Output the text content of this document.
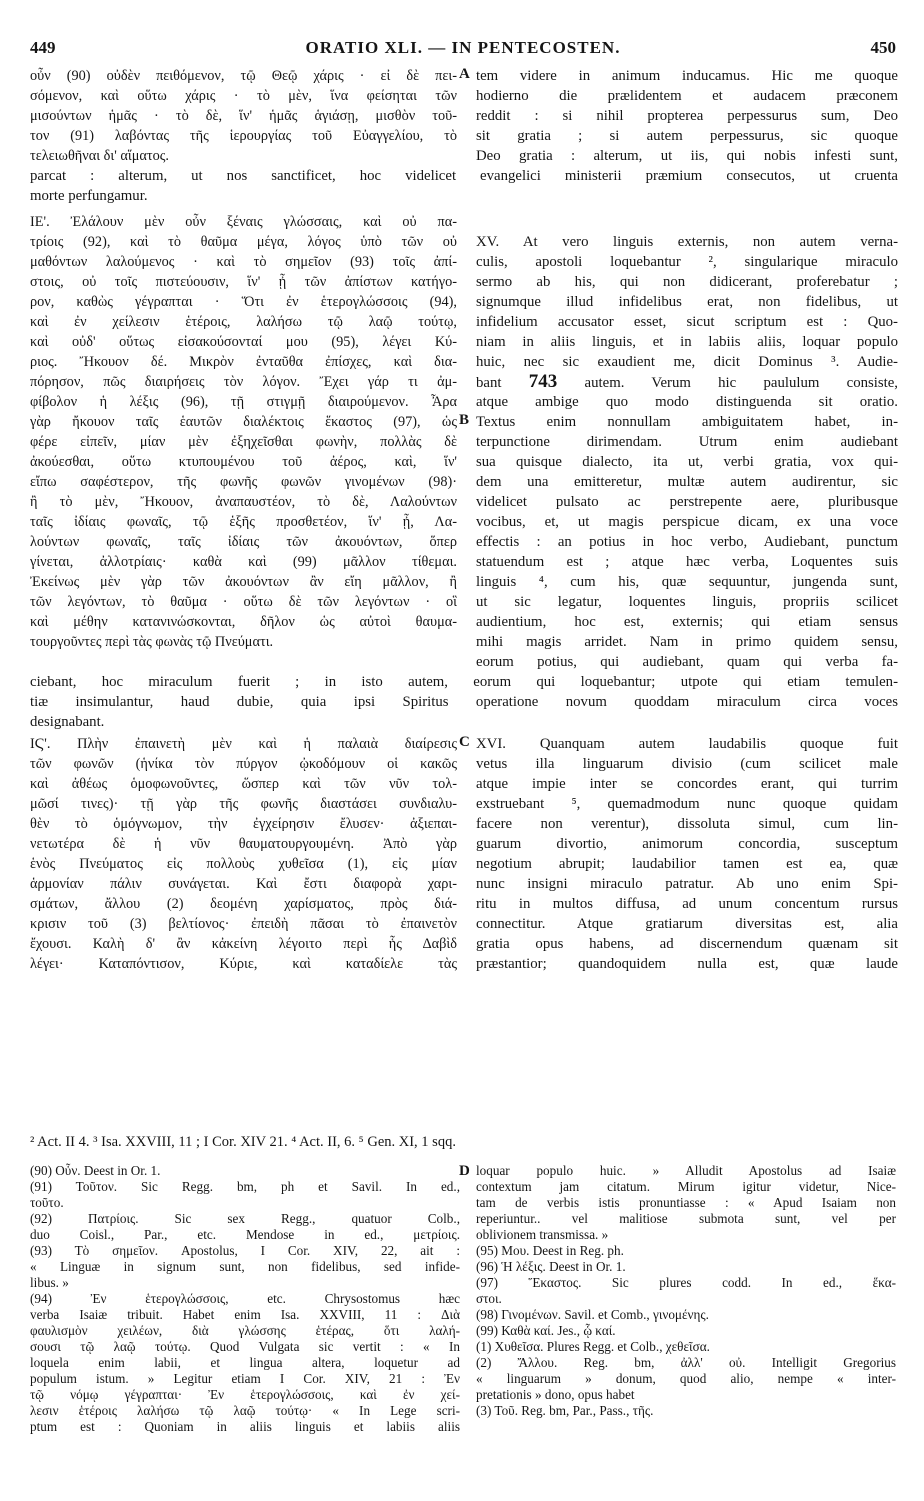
449	ORATIO XLI. — IN PENTECOSTEN.	450
οὖν (90) οὐδὲν πειθόμενον, τῷ Θεῷ χάρις · εἰ δὲ πει-
σόμενον, καὶ οὕτω χάρις · τὸ μὲν, ἵνα φείσηται τῶν
μισούντων ἡμᾶς · τὸ δὲ, ἵν' ἡμᾶς ἁγιάσῃ, μισθὸν τοῦ-
τον (91) λαβόντας τῆς ἱερουργίας τοῦ Εὐαγγελίου, τὸ
τελειωθῆναι δι' αἵματος.
A tem videre in animum inducamus. Hic me quoque
hodierno die prælidentem et audacem præconem
reddit : si nihil propterea perpessurus sum, Deo
sit gratia ; si autem perpessurus, sic quoque
Deo gratia : alterum, ut iis, qui nobis infesti sunt,
parcat : alterum, ut nos sanctificet, hoc videlicet evangelici ministerii præmium consecutos, ut cruenta
morte perfungamur.
ΙΕ'. Ἐλάλουν μὲν οὖν ξέναις γλώσσαις, καὶ οὐ πα-
τρίοις (92), καὶ τὸ θαῦμα μέγα, λόγος ὑπὸ τῶν οὐ
μαθόντων λαλούμενος · καὶ τὸ σημεῖον (93) τοῖς ἀπί-
στοις, οὐ τοῖς πιστεύουσιν, ἵν' ᾖ τῶν ἀπίστων κατήγο-
ρον, καθὼς γέγραπται · Ὅτι ἐν ἑτερογλώσσοις (94),
καὶ ἐν χείλεσιν ἑτέροις, λαλήσω τῷ λαῷ τούτῳ,
καὶ οὐδ' οὕτως εἰσακούσονταί μου (95), λέγει Κύ-
ριος. Ἤκουον δέ. Μικρὸν ἐνταῦθα ἐπίσχες, καὶ δια-
πόρησον, πῶς διαιρήσεις τὸν λόγον. Ἔχει γάρ τι ἀμ-
φίβολον ἡ λέξις (96), τῇ στιγμῇ διαιρούμενον. Ἆρα
γὰρ ἤκουον ταῖς ἑαυτῶν διαλέκτοις ἕκαστος (97), ὡς
φέρε εἰπεῖν, μίαν μὲν ἐξηχεῖσθαι φωνὴν, πολλὰς δὲ
ἀκούεσθαι, οὕτω κτυπουμένου τοῦ ἀέρος, καὶ, ἵν'
εἴπω σαφέστερον, τῆς φωνῆς φωνῶν γινομένων (98)·
ἢ τὸ μὲν, Ἤκουον, ἀναπαυστέον, τὸ δὲ, Λαλούντων
ταῖς ἰδίαις φωναῖς, τῷ ἑξῆς προσθετέον, ἵν' ᾖ, Λα-
λούντων φωναῖς, ταῖς ἰδίαις τῶν ἀκουόντων, ὅπερ
γίνεται, ἀλλοτρίαις· καθὰ καὶ (99) μᾶλλον τίθεμαι.
Ἐκείνως μὲν γὰρ τῶν ἀκουόντων ἂν εἴη μᾶλλον, ἢ
τῶν λεγόντων, τὸ θαῦμα · οὕτω δὲ τῶν λεγόντων · οἳ
καὶ μέθην κατανινώσκονται, δῆλον ὡς αὐτοὶ θαυμα-
τουργοῦντες περὶ τὰς φωνὰς τῷ Πνεύματι.
B
XV. At vero linguis externis, non autem verna-
culis, apostoli loquebantur ², singularique miraculo
sermo ab his, qui non didicerant, proferebatur ;
signumque illud infidelibus erat, non fidelibus, ut
infidelium accusator esset, sicut scriptum est : Quo-
niam in aliis linguis, et in labiis aliis, loquar populo
huic, nec sic exaudient me, dicit Dominus ³. Audie-
bant 743 autem. Verum hic paululum consiste,
atque ambige quo modo distinguenda sit oratio.
Textus enim nonnullam ambiguitatem habet, in-
terpunctione dirimendam. Utrum enim audiebant
sua quisque dialecto, ita ut, verbi gratia, vox qui-
dem una emitteretur, multæ autem audirentur, sic
videlicet pulsato ac perstrepente aere, pluribusque
vocibus, et, ut magis perspicue dicam, ex una voce
effectis : an potius in hoc verbo, Audiebant, punctum
statuendum est ; atque hæc verba, Loquentes suis
linguis ⁴, cum his, quæ sequuntur, jungenda sunt,
ut sic legatur, loquentes linguis, propriis scilicet
audientium, hoc est, externis; qui etiam sensus
mihi magis arridet. Nam in primo quidem sensu,
eorum potius, qui audiebant, quam qui verba fa-
ciebant, hoc miraculum fuerit ; in isto autem, eorum qui loquebantur; utpote qui etiam temulen-
tiæ insimulantur, haud dubie, quia ipsi Spiritus operatione novum quoddam miraculum circa voces
designabant.
ΙϚ'. Πλὴν ἐπαινετὴ μὲν καὶ ἡ παλαιὰ διαίρεσις
τῶν φωνῶν (ἡνίκα τὸν πύργον ᾠκοδόμουν οἱ κακῶς
καὶ ἀθέως ὁμοφωνοῦντες, ὥσπερ καὶ τῶν νῦν τολ-
μῶσί τινες)· τῇ γὰρ τῆς φωνῆς διαστάσει συνδιαλυ-
θὲν τὸ ὁμόγνωμον, τὴν ἐγχείρησιν ἔλυσεν· ἀξιεπαι-
νετωτέρα δὲ ἡ νῦν θαυματουργουμένη. Ἀπὸ γὰρ
ἑνὸς Πνεύματος εἰς πολλοὺς χυθεῖσα (1), εἰς μίαν
ἁρμονίαν πάλιν συνάγεται. Καὶ ἔστι διαφορὰ χαρι-
σμάτων, ἄλλου (2) δεομένη χαρίσματος, πρὸς διά-
κρισιν τοῦ (3) βελτίονος· ἐπειδὴ πᾶσαι τὸ ἐπαινετὸν
ἔχουσι. Καλὴ δ' ἂν κἀκείνη λέγοιτο περὶ ἧς Δαβὶδ
λέγει· Καταπόντισον, Κύριε, καὶ καταδίελε τὰς
C XVI. Quanquam autem laudabilis quoque fuit
vetus illa linguarum divisio (cum scilicet male
atque impie inter se concordes erant, qui turrim
exstruebant ⁵, quemadmodum nunc quoque quidam
facere non verentur), dissoluta simul, cum lin-
guarum divortio, animorum concordia, susceptum
negotium abrupit; laudabilior tamen est ea, quæ
nunc insigni miraculo patratur. Ab uno enim Spi-
ritu in multos diffusa, ad unum concentum rursus
connectitur. Atque gratiarum diversitas est, alia
gratia opus habens, ad discernendum quænam sit
præstantior; quandoquidem nulla est, quæ laude
² Act. II 4. ³ Isa. XXVIII, 11 ; I Cor. XIV 21. ⁴ Act. II, 6. ⁵ Gen. XI, 1 sqq.
(90) Οὖν. Deest in Or. 1.
(91) Τοῦτον. Sic Regg. bm, ph et Savil. In ed.,
τοῦτο.
(92) Πατρίοις. Sic sex Regg., quatuor Colb.,
duo Coisl., Par., etc. Mendose in ed., μετρίοις.
(93) Τὸ σημεῖον. Apostolus, I Cor. XIV, 22, ait :
« Linguæ in signum sunt, non fidelibus, sed infide-
libus. »
(94) Ἐν ἑτερογλώσσοις, etc. Chrysostomus hæc
verba Isaiæ tribuit. Habet enim Isa. XXVIII, 11 : Διὰ
φαυλισμὸν χειλέων, διὰ γλώσσης ἑτέρας, ὅτι λαλή-
σουσι τῷ λαῷ τούτῳ. Quod Vulgata sic vertit : « In
loquela enim labii, et lingua altera, loquetur ad
populum istum. » Legitur etiam I Cor. XIV, 21 : Ἐν
τῷ νόμῳ γέγραπται· Ἐν ἑτερογλώσσοις, καὶ ἐν χεί-
λεσιν ἑτέροις λαλήσω τῷ λαῷ τούτῳ· « In Lege scri-
ptum est : Quoniam in aliis linguis et labiis aliis
D loquar populo huic. » Alludit Apostolus ad Isaiæ
contextum jam citatum. Mirum igitur videtur, Nice-
tam de verbis istis pronuntiasse : « Apud Isaiam non
reperiuntur.. vel malitiose submota sunt, vel per
oblivionem transmissa. »
(95) Μου. Deest in Reg. ph.
(96) Ἡ λέξις. Deest in Or. 1.
(97) Ἕκαστος. Sic plures codd. In ed., ἕκα-
στοι.
(98) Γινομένων. Savil. et Comb., γινομένης.
(99) Καθὰ καί. Jes., ᾧ καί.
(1) Χυθεῖσα. Plures Regg. et Colb., χεθεῖσα.
(2) Ἄλλου. Reg. bm, ἀλλ' οὐ. Intelligit Gregorius
« linguarum » donum, quod alio, nempe « inter-
pretationis » dono, opus habet
(3) Τοῦ. Reg. bm, Par., Pass., τῆς.
